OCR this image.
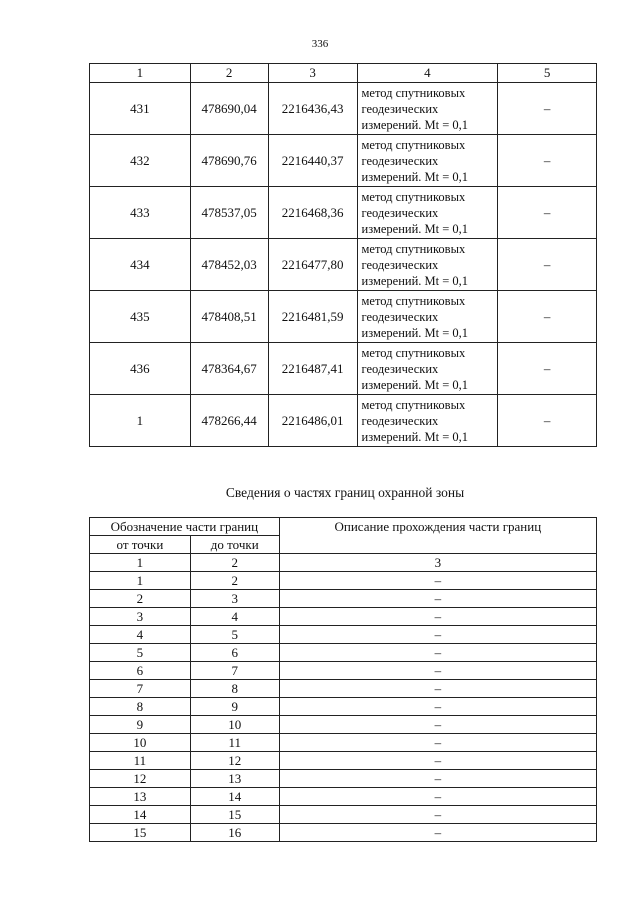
336
1	2	3	4	5
431	478690,04	2216436,43	метод спутниковых
геодезических
измерений. Mt = 0,1	–
432	478690,76	2216440,37	метод спутниковых
геодезических
измерений. Mt = 0,1	–
433	478537,05	2216468,36	метод спутниковых
геодезических
измерений. Mt = 0,1	–
434	478452,03	2216477,80	метод спутниковых
геодезических
измерений. Mt = 0,1	–
435	478408,51	2216481,59	метод спутниковых
геодезических
измерений. Mt = 0,1	–
436	478364,67	2216487,41	метод спутниковых
геодезических
измерений. Mt = 0,1	–
1	478266,44	2216486,01	метод спутниковых
геодезических
измерений. Mt = 0,1	–
Сведения о частях границ охранной зоны
Обозначение части границ		Описание прохождения части границ
от точки	до точки	
1	2	3
1	2	–
2	3	–
3	4	–
4	5	–
5	6	–
6	7	–
7	8	–
8	9	–
9	10	–
10	11	–
11	12	–
12	13	–
13	14	–
14	15	–
15	16	–
